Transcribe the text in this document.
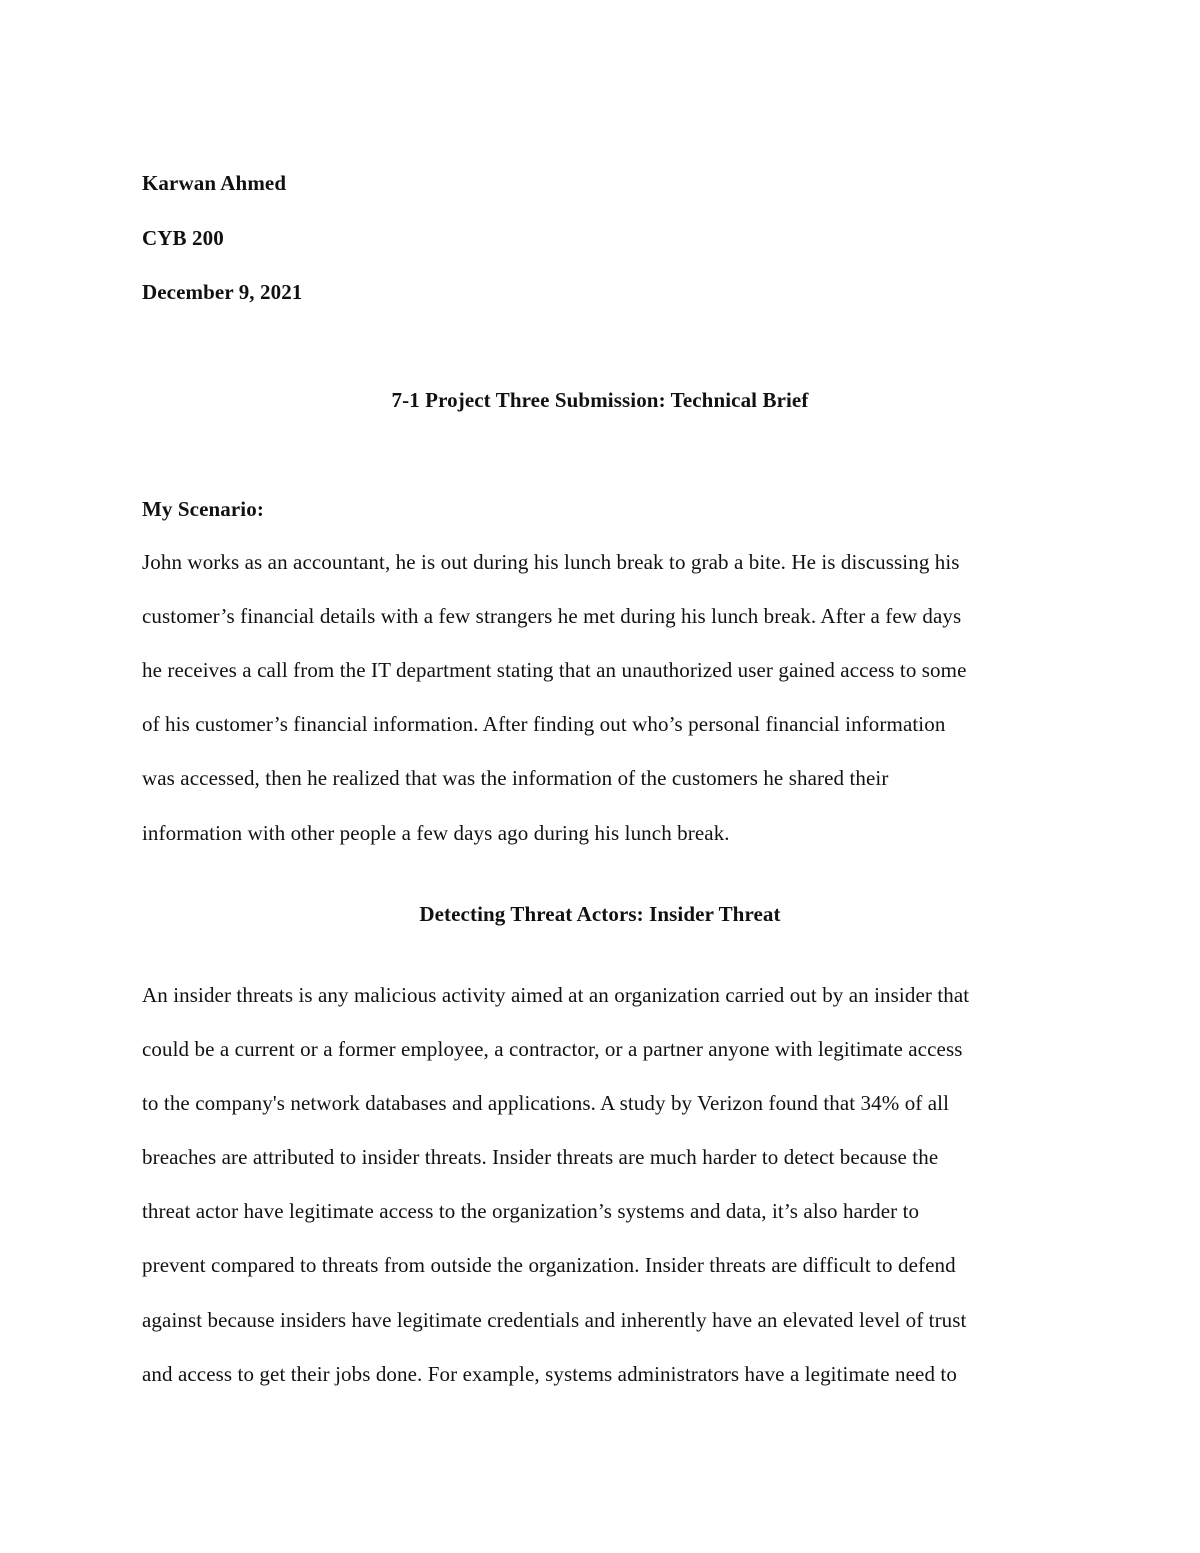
Karwan Ahmed
CYB 200
December 9, 2021
7-1 Project Three Submission: Technical Brief
My Scenario:
John works as an accountant, he is out during his lunch break to grab a bite. He is discussing his
customer’s financial details with a few strangers he met during his lunch break. After a few days
he receives a call from the IT department stating that an unauthorized user gained access to some
of his customer’s financial information. After finding out who’s personal financial information
was accessed, then he realized that was the information of the customers he shared their
information with other people a few days ago during his lunch break.
Detecting Threat Actors: Insider Threat
An insider threats is any malicious activity aimed at an organization carried out by an insider that
could be a current or a former employee, a contractor, or a partner anyone with legitimate access
to the company's network databases and applications. A study by Verizon found that 34% of all
breaches are attributed to insider threats. Insider threats are much harder to detect because the
threat actor have legitimate access to the organization’s systems and data, it’s also harder to
prevent compared to threats from outside the organization. Insider threats are difficult to defend
against because insiders have legitimate credentials and inherently have an elevated level of trust
and access to get their jobs done. For example, systems administrators have a legitimate need to
